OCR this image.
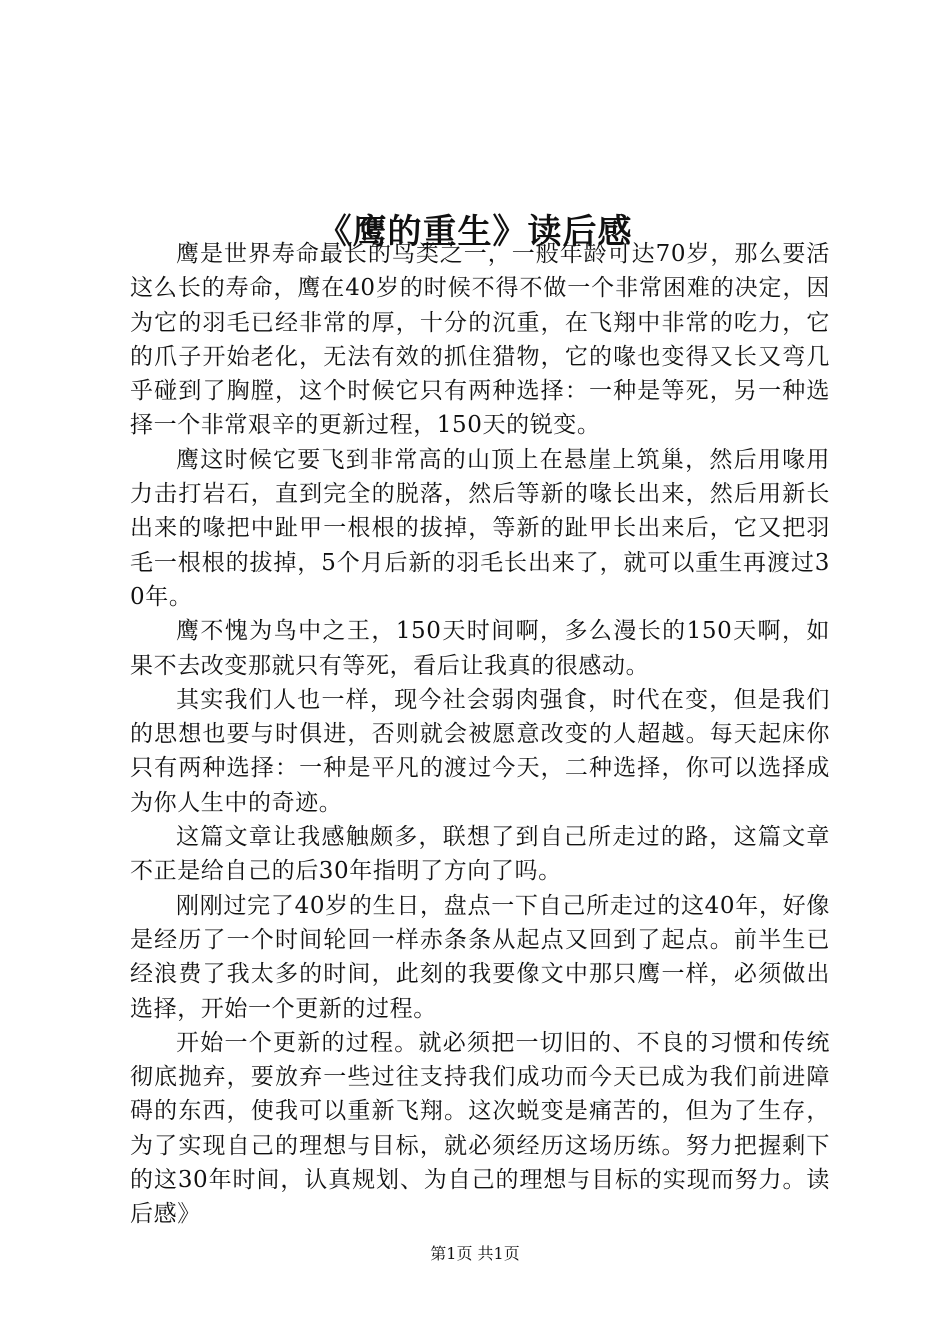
《鹰的重生》读后感

鹰是世界寿命最长的鸟类之一，一般年龄可达70岁，那么要活这么长的寿命，鹰在40岁的时候不得不做一个非常困难的决定，因为它的羽毛已经非常的厚，十分的沉重，在飞翔中非常的吃力，它的爪子开始老化，无法有效的抓住猎物，它的喙也变得又长又弯几乎碰到了胸膛，这个时候它只有两种选择：一种是等死，另一种选择一个非常艰辛的更新过程，150天的锐变。

鹰这时候它要飞到非常高的山顶上在悬崖上筑巢，然后用喙用力击打岩石，直到完全的脱落，然后等新的喙长出来，然后用新长出来的喙把中趾甲一根根的拔掉，等新的趾甲长出来后，它又把羽毛一根根的拔掉，5个月后新的羽毛长出来了，就可以重生再渡过30年。

鹰不愧为鸟中之王，150天时间啊，多么漫长的150天啊，如果不去改变那就只有等死，看后让我真的很感动。

其实我们人也一样，现今社会弱肉强食，时代在变，但是我们的思想也要与时俱进，否则就会被愿意改变的人超越。每天起床你只有两种选择：一种是平凡的渡过今天，二种选择，你可以选择成为你人生中的奇迹。

这篇文章让我感触颇多，联想了到自己所走过的路，这篇文章不正是给自己的后30年指明了方向了吗。

刚刚过完了40岁的生日，盘点一下自己所走过的这40年，好像是经历了一个时间轮回一样赤条条从起点又回到了起点。前半生已经浪费了我太多的时间，此刻的我要像文中那只鹰一样，必须做出选择，开始一个更新的过程。

开始一个更新的过程。就必须把一切旧的、不良的习惯和传统彻底抛弃，要放弃一些过往支持我们成功而今天已成为我们前进障碍的东西，使我可以重新飞翔。这次蜕变是痛苦的，但为了生存，为了实现自己的理想与目标，就必须经历这场历练。努力把握剩下的这30年时间，认真规划、为自己的理想与目标的实现而努力。读后感》

第1页 共1页
